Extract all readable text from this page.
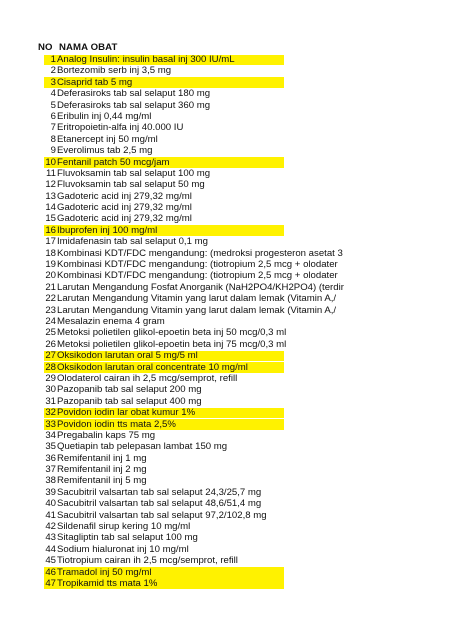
NO NAMA OBAT
1 Analog Insulin: insulin basal inj 300 IU/mL
2 Bortezomib serb inj 3,5 mg
3 Cisaprid tab 5 mg
4 Deferasiroks tab sal selaput 180 mg
5 Deferasiroks tab sal selaput 360 mg
6 Eribulin inj 0,44 mg/ml
7 Eritropoietin-alfa inj 40.000 IU
8 Etanercept inj 50 mg/ml
9 Everolimus tab 2,5 mg
10 Fentanil patch 50 mcg/jam
11 Fluvoksamin tab sal selaput 100 mg
12 Fluvoksamin tab sal selaput 50 mg
13 Gadoteric acid inj 279,32 mg/ml
14 Gadoteric acid inj 279,32 mg/ml
15 Gadoteric acid inj 279,32 mg/ml
16 Ibuprofen inj 100 mg/ml
17 Imidafenasin tab sal selaput 0,1 mg
18 Kombinasi KDT/FDC mengandung: (medroksi progesteron asetat 3
19 Kombinasi KDT/FDC mengandung: (tiotropium 2,5 mcg + olodater
20 Kombinasi KDT/FDC mengandung: (tiotropium 2,5 mcg + olodater
21 Larutan Mengandung Fosfat Anorganik (NaH2PO4/KH2PO4) (terdir
22 Larutan Mengandung Vitamin yang larut dalam lemak (Vitamin A,/
23 Larutan Mengandung Vitamin yang larut dalam lemak (Vitamin A,/
24 Mesalazin enema 4 gram
25 Metoksi polietilen glikol-epoetin beta inj 50 mcg/0,3 ml
26 Metoksi polietilen glikol-epoetin beta inj 75 mcg/0,3 ml
27 Oksikodon larutan oral 5 mg/5 ml
28 Oksikodon larutan oral concentrate 10 mg/ml
29 Olodaterol cairan ih 2,5 mcg/semprot, refill
30 Pazopanib tab sal selaput 200 mg
31 Pazopanib tab sal selaput 400 mg
32 Povidon iodin lar obat kumur 1%
33 Povidon iodin tts mata 2,5%
34 Pregabalin kaps 75 mg
35 Quetiapin tab pelepasan lambat 150 mg
36 Remifentanil inj 1 mg
37 Remifentanil inj 2 mg
38 Remifentanil inj 5 mg
39 Sacubitril valsartan tab sal selaput 24,3/25,7 mg
40 Sacubitril valsartan tab sal selaput 48,6/51,4 mg
41 Sacubitril valsartan tab sal selaput 97,2/102,8 mg
42 Sildenafil sirup kering 10 mg/ml
43 Sitagliptin tab sal selaput 100 mg
44 Sodium hialuronat inj 10 mg/ml
45 Tiotropium cairan ih 2,5 mcg/semprot, refill
46 Tramadol inj 50 mg/ml
47 Tropikamid tts mata 1%
